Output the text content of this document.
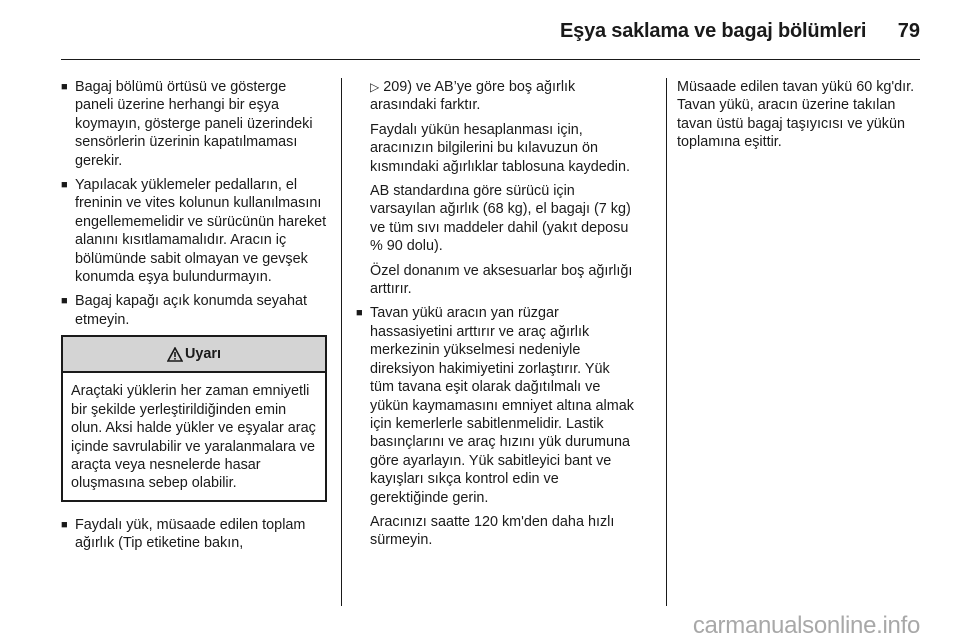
Eşya saklama ve bagaj bölümleri 79
■ Bagaj bölümü örtüsü ve gösterge paneli üzerine herhangi bir eşya koymayın, gösterge paneli üzerindeki sensörlerin üzerinin kapatılmaması gerekir.
■ Yapılacak yüklemeler pedalların, el freninin ve vites kolunun kullanılmasını engellememelidir ve sürücünün hareket alanını kısıtlamamalıdır. Aracın iç bölümünde sabit olmayan ve gevşek konumda eşya bulundurmayın.
■ Bagaj kapağı açık konumda seyahat etmeyin.
Uyarı
Araçtaki yüklerin her zaman emniyetli bir şekilde yerleştirildiğinden emin olun. Aksi halde yükler ve eşyalar araç içinde savrulabilir ve yaralanmalara ve araçta veya nesnelerde hasar oluşmasına sebep olabilir.
■ Faydalı yük, müsaade edilen toplam ağırlık (Tip etiketine bakın,

▷ 209) ve AB’ye göre boş ağırlık arasındaki farktır.

Faydalı yükün hesaplanması için, aracınızın bilgilerini bu kılavuzun ön kısmındaki ağırlıklar tablosuna kaydedin.

AB standardına göre sürücü için varsayılan ağırlık (68 kg), el bagajı (7 kg) ve tüm sıvı maddeler dahil (yakıt deposu % 90 dolu).

Özel donanım ve aksesuarlar boş ağırlığı arttırır.

■ Tavan yükü aracın yan rüzgar hassasiyetini arttırır ve araç ağırlık merkezinin yükselmesi nedeniyle direksiyon hakimiyetini zorlaştırır. Yük tüm tavana eşit olarak dağıtılmalı ve yükün kaymamasını emniyet altına almak için kemerlerle sabitlenmelidir. Lastik basınçlarını ve araç hızını yük durumuna göre ayarlayın. Yük sabitleyici bant ve kayışları sıkça kontrol edin ve gerektiğinde gerin.

Aracınızı saatte 120 km'den daha hızlı sürmeyin.

Müsaade edilen tavan yükü 60 kg'dır. Tavan yükü, aracın üzerine takılan tavan üstü bagaj taşıyıcısı ve yükün toplamına eşittir.

carmanualsonline.info
